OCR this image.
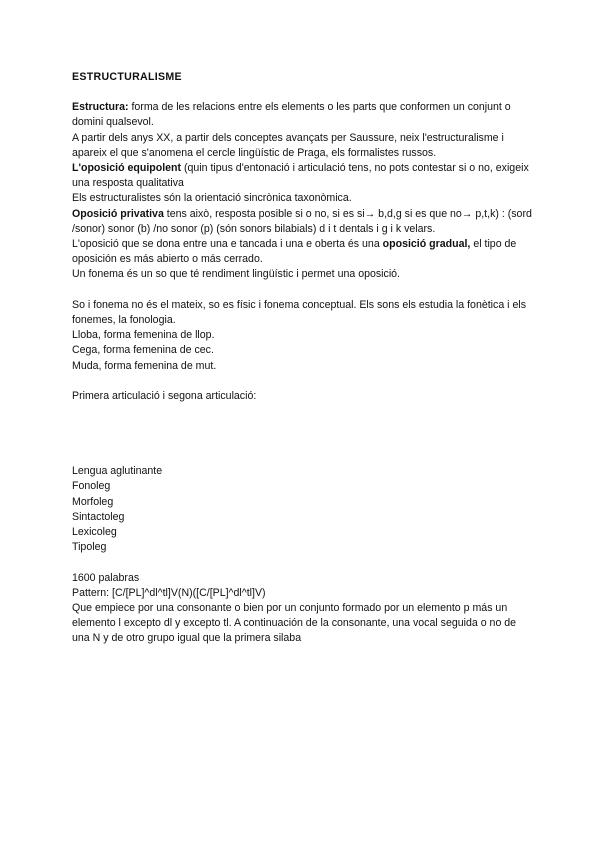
ESTRUCTURALISME

Estructura: forma de les relacions entre els elements o les parts que conformen un conjunt o domini qualsevol.

A partir dels anys XX, a partir dels conceptes avançats per Saussure, neix l'estructuralisme i apareix el que s'anomena el cercle lingüístic de Praga, els formalistes russos.

L'oposició equipolent (quin tipus d'entonació i articulació tens, no pots contestar si o no, exigeix una resposta qualitativa

Els estructuralistes són la orientació sincrònica taxonòmica.

Oposició privativa tens això, resposta posible si o no, si es si→ b,d,g si es que no→ p,t,k) : (sord /sonor) sonor (b) /no sonor (p) (són sonors bilabials) d i t dentals i g i k velars.

L'oposició que se dona entre una e tancada i una e oberta és una oposició gradual, el tipo de oposición es más abierto o más cerrado.

Un fonema és un so que té rendiment lingüístic i permet una oposició.

So i fonema no és el mateix, so es físic i fonema conceptual. Els sons els estudia la fonètica i els fonemes, la fonologia.

Lloba, forma femenina de llop.

Cega, forma femenina de cec.

Muda, forma femenina de mut.

Primera articulació i segona articulació:

Lengua aglutinante

Fonoleg

Morfoleg

Sintactoleg

Lexicoleg

Tipoleg

1600 palabras

Pattern: [C/[PL]^dl^tl]V(N)([C/[PL]^dl^tl]V)

Que empiece por una consonante o bien por un conjunto formado por un elemento p más un elemento l excepto dl y excepto tl. A continuación de la consonante, una vocal seguida o no de una N y de otro grupo igual que la primera silaba
